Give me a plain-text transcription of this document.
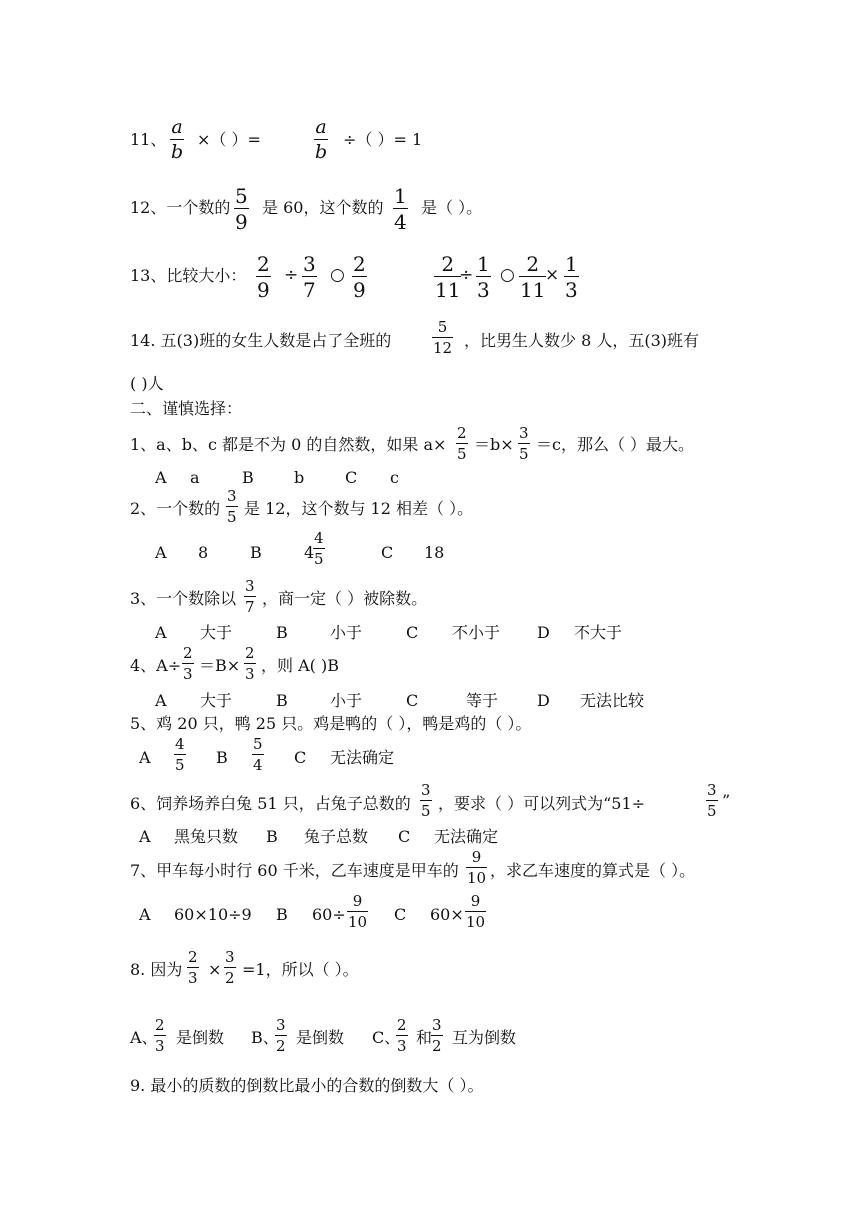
11、
a
b
×（ ）=
a
b
÷（ ）= 1
12、一个数的 5
9
是 60，这个数的 1
4
是（ ）。
13、比较大小： 2
9
÷ 3
7
○ 2
9
2
11
÷ 1
3
○ 2
11
× 1
3
14. 五(3)班的女生人数是占了全班的
5
12 ，比男生人数少 8 人，五(3)班有
( )人
二、谨慎选择：
1、a、b、c 都是不为 0 的自然数，如果 a×
2
5 ＝b×
3
5 ＝c，那么（ ）最大。
A a	B	b	C c
2、一个数的
3
5 是 12，这个数与 12 相差（ ）。
A 8	B	4
4
5	C 18
3、一个数除以
3
7 ，商一定（ ）被除数。
A 大于	B	小于	C 不小于 D 不大于
4、A÷
2
3 ＝B×
2
3 ，则 A( )B
A 大于	B	小于	C	等于 D 无法比较
5、鸡 20 只，鸭 25 只。鸡是鸭的（ ），鸭是鸡的（ ）。
A
4
5 B
5
4 C 无法确定
6、饲养场养白兔 51 只，占兔子总数的
3
5 ，要求（ ）可以列式为“51÷
3
5
”
A 黑兔只数 B 兔子总数 C 无法确定
7、甲车每小时行 60 千米，乙车速度是甲车的
9
10 ，求乙车速度的算式是（ ）。
A 60×10÷9 B 60÷
9
10 C 60×
9
10
8. 因为
2
3 ×
3
2 =1，所以（ ）。
A、
2
3 是倒数 B、
3
2 是倒数 C、
2
3 和
3
2 互为倒数
9. 最小的质数的倒数比最小的合数的倒数大（ ）。
